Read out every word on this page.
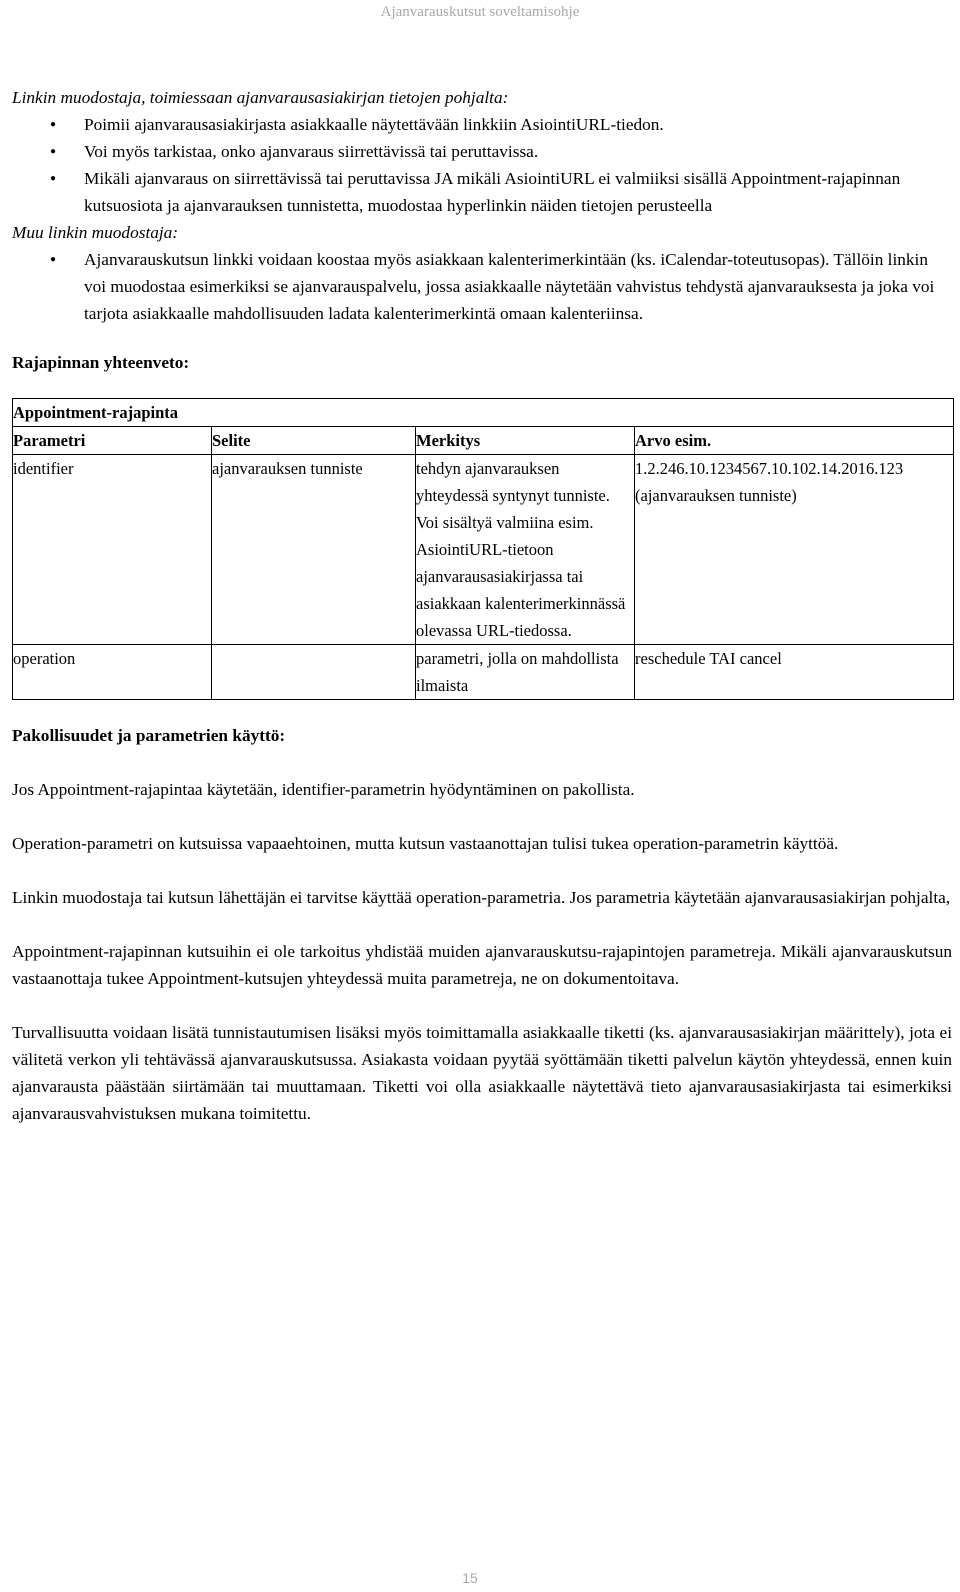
Ajanvarauskutsut soveltamisohje
Linkin muodostaja, toimiessaan ajanvarausasiakirjan tietojen pohjalta:
● Poimii ajanvarausasiakirjasta asiakkaalle näytettävään linkkiin AsiointiURL-tiedon.
● Voi myös tarkistaa, onko ajanvaraus siirrettävissä tai peruttavissa.
● Mikäli ajanvaraus on siirrettävissä tai peruttavissa JA mikäli AsiointiURL ei valmiiksi sisällä Appointment-rajapinnan kutsuosiota ja ajanvarauksen tunnistetta, muodostaa hyperlinkin näiden tietojen perusteella
Muu linkin muodostaja:
● Ajanvarauskutsun linkki voidaan koostaa myös asiakkaan kalenterimerkintään (ks. iCalendar-toteutusopas). Tällöin linkin voi muodostaa esimerkiksi se ajanvarauspalvelu, jossa asiakkaalle näytetään vahvistus tehdystä ajanvarauksesta ja joka voi tarjota asiakkaalle mahdollisuuden ladata kalenterimerkintä omaan kalenteriinsa.
Rajapinnan yhteenveto:
Appointment-rajapinta			
Parametri	Selite	Merkitys	Arvo esim.
identifier	ajanvarauksen tunniste	tehdyn ajanvarauksen yhteydessä syntynyt tunniste. Voi sisältyä valmiina esim. AsiointiURL-tietoon ajanvarausasiakirjassa tai asiakkaan kalenterimerkinnässä olevassa URL-tiedossa.	1.2.246.10.1234567.10.102.14.2016.123 (ajanvarauksen tunniste)
operation		parametri, jolla on mahdollista ilmaista	reschedule TAI cancel
Pakollisuudet ja parametrien käyttö:

Jos Appointment-rajapintaa käytetään, identifier-parametrin hyödyntäminen on pakollista.

Operation-parametri on kutsuissa vapaaehtoinen, mutta kutsun vastaanottajan tulisi tukea operation-parametrin käyttöä.

Linkin muodostaja tai kutsun lähettäjän ei tarvitse käyttää operation-parametria. Jos parametria käytetään ajanvarausasiakirjan pohjalta,

Appointment-rajapinnan kutsuihin ei ole tarkoitus yhdistää muiden ajanvarauskutsu-rajapintojen parametreja. Mikäli ajanvarauskutsun vastaanottaja tukee Appointment-kutsujen yhteydessä muita parametreja, ne on dokumentoitava.

Turvallisuutta voidaan lisätä tunnistautumisen lisäksi myös toimittamalla asiakkaalle tiketti (ks. ajanvarausasiakirjan määrittely), jota ei välitetä verkon yli tehtävässä ajanvarauskutsussa. Asiakasta voidaan pyytää syöttämään tiketti palvelun käytön yhteydessä, ennen kuin ajanvarausta päästään siirtämään tai muuttamaan. Tiketti voi olla asiakkaalle näytettävä tieto ajanvarausasiakirjasta tai esimerkiksi ajanvarausvahvistuksen mukana toimitettu.

15
